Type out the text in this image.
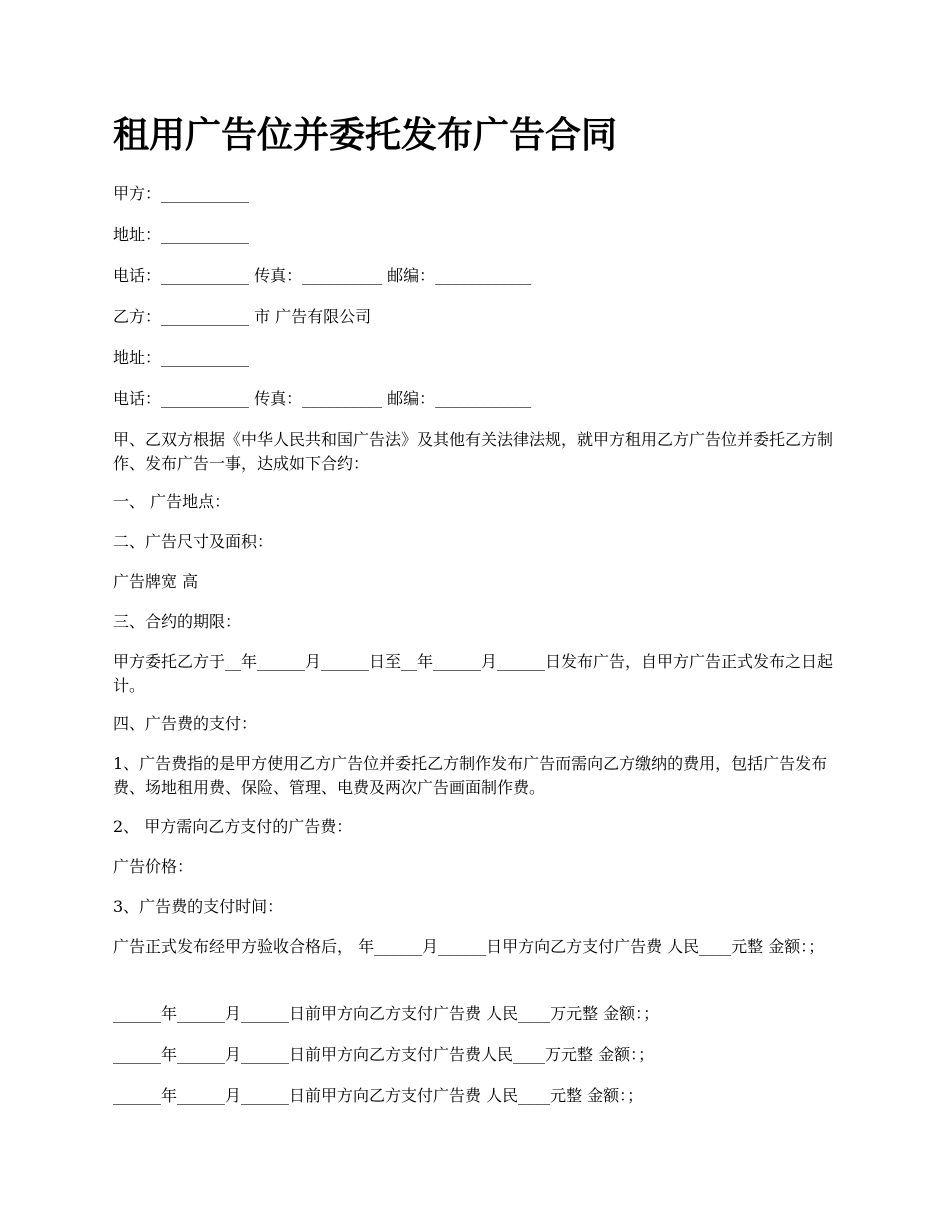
租用广告位并委托发布广告合同

甲方：___________

地址：___________

电话：___________ 传真：__________ 邮编：____________

乙方：___________ 市 广告有限公司

地址：___________

电话：___________ 传真：__________ 邮编：____________

甲、乙双方根据《中华人民共和国广告法》及其他有关法律法规，就甲方租用乙方广告位并委托乙方制作、发布广告一事，达成如下合约：

一、 广告地点：

二、广告尺寸及面积：

广告牌宽 高

三、合约的期限：

甲方委托乙方于__年______月______日至__年______月______日发布广告，自甲方广告正式发布之日起计。

四、广告费的支付：

1、广告费指的是甲方使用乙方广告位并委托乙方制作发布广告而需向乙方缴纳的费用，包括广告发布费、场地租用费、保险、管理、电费及两次广告画面制作费。

2、 甲方需向乙方支付的广告费：

广告价格：

3、广告费的支付时间：

广告正式发布经甲方验收合格后， 年______月______日甲方向乙方支付广告费 人民____元整 金额：；

______年______月______日前甲方向乙方支付广告费 人民____万元整 金额：；

______年______月______日前甲方向乙方支付广告费人民____万元整 金额：；

______年______月______日前甲方向乙方支付广告费 人民____元整 金额：；
